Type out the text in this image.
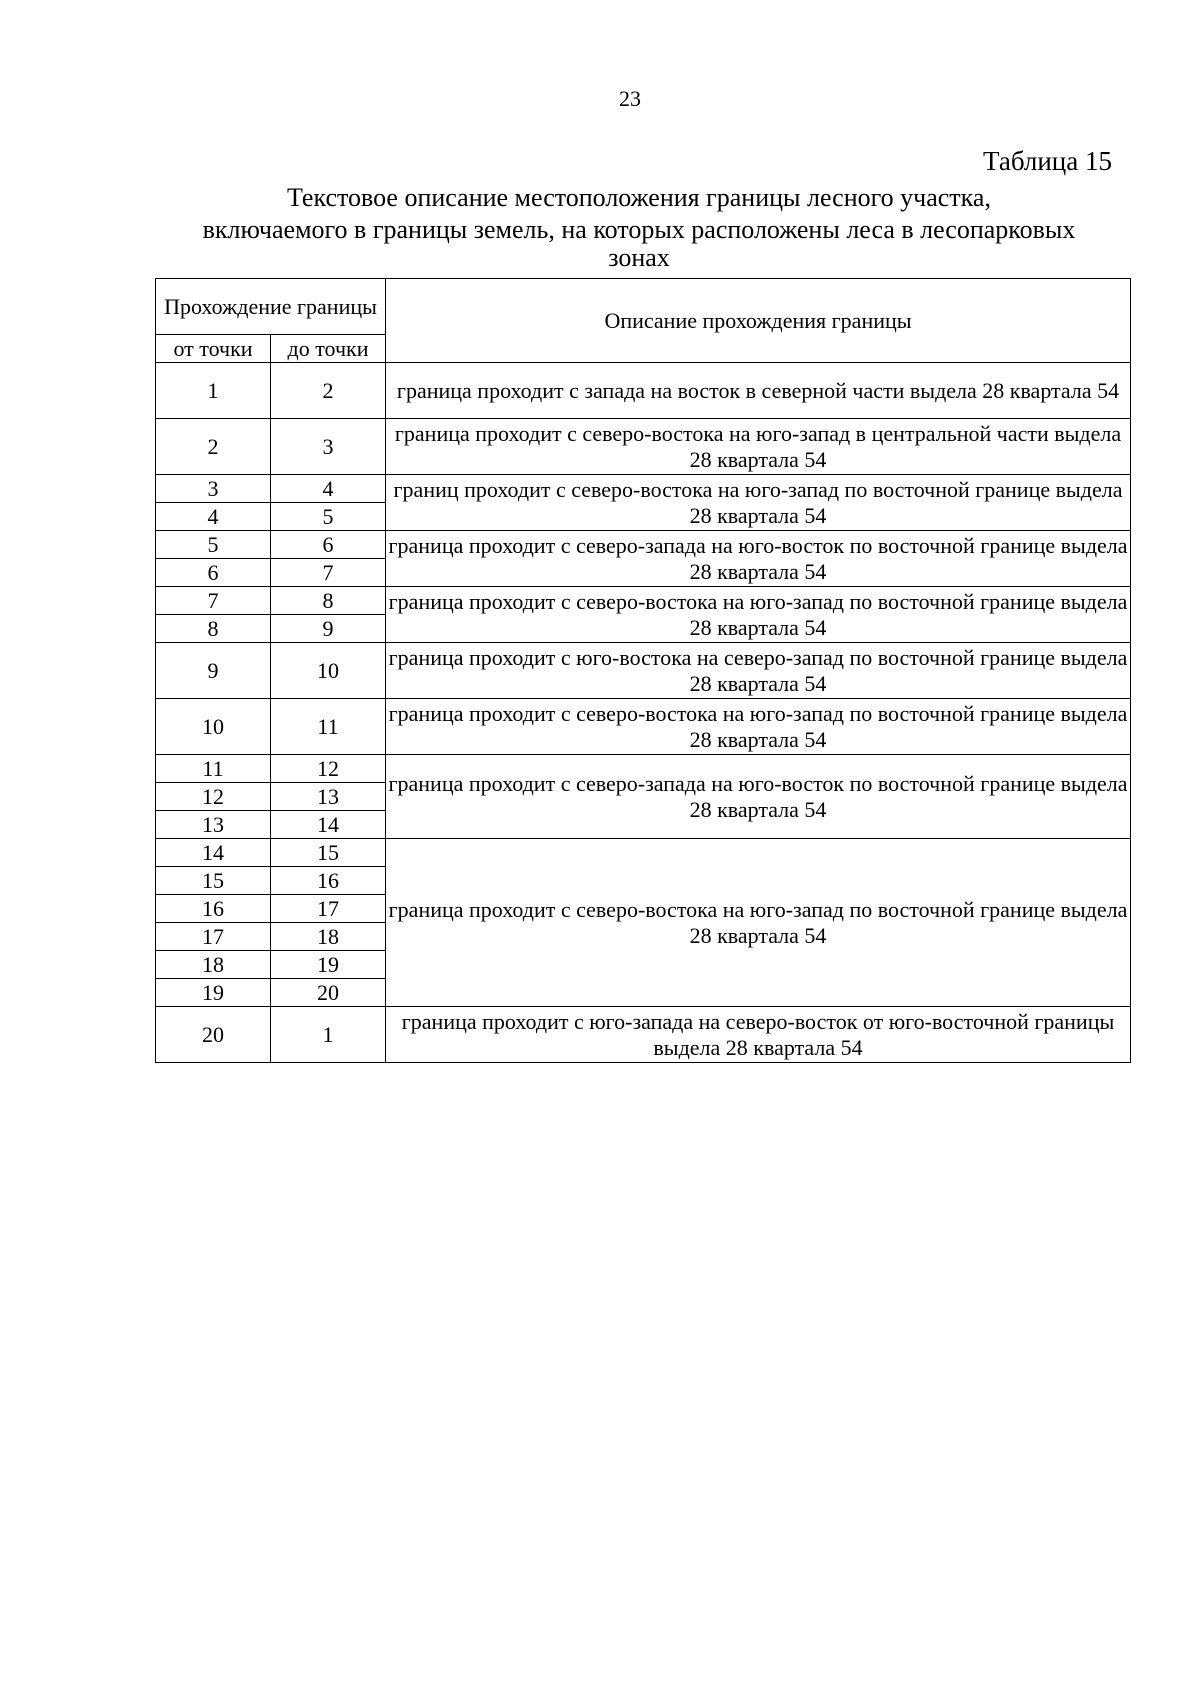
23
Таблица 15
Текстовое описание местоположения границы лесного участка,
включаемого в границы земель, на которых расположены леса в лесопарковых
зонах
Прохождение границы		Описание прохождения границы
от точки	до точки	
1	2	граница проходит с запада на восток в северной части выдела 28 квартала 54
2	3	граница проходит с северо-востока на юго-запад в центральной части выдела 28 квартала 54
3	4	границ проходит с северо-востока на юго-запад по восточной границе выдела 28 квартала 54
4	5	
5	6	граница проходит с северо-запада на юго-восток по восточной границе выдела 28 квартала 54
6	7	
7	8	граница проходит с северо-востока на юго-запад по восточной границе выдела 28 квартала 54
8	9	
9	10	граница проходит с юго-востока на северо-запад по восточной границе выдела 28 квартала 54
10	11	граница проходит с северо-востока на юго-запад по восточной границе выдела 28 квартала 54
11	12	граница проходит с северо-запада на юго-восток по восточной границе выдела 28 квартала 54
12	13	
13	14	
14	15	граница проходит с северо-востока на юго-запад по восточной границе выдела 28 квартала 54
15	16	
16	17	
17	18	
18	19	
19	20	
20	1	граница проходит с юго-запада на северо-восток от юго-восточной границы выдела 28 квартала 54
